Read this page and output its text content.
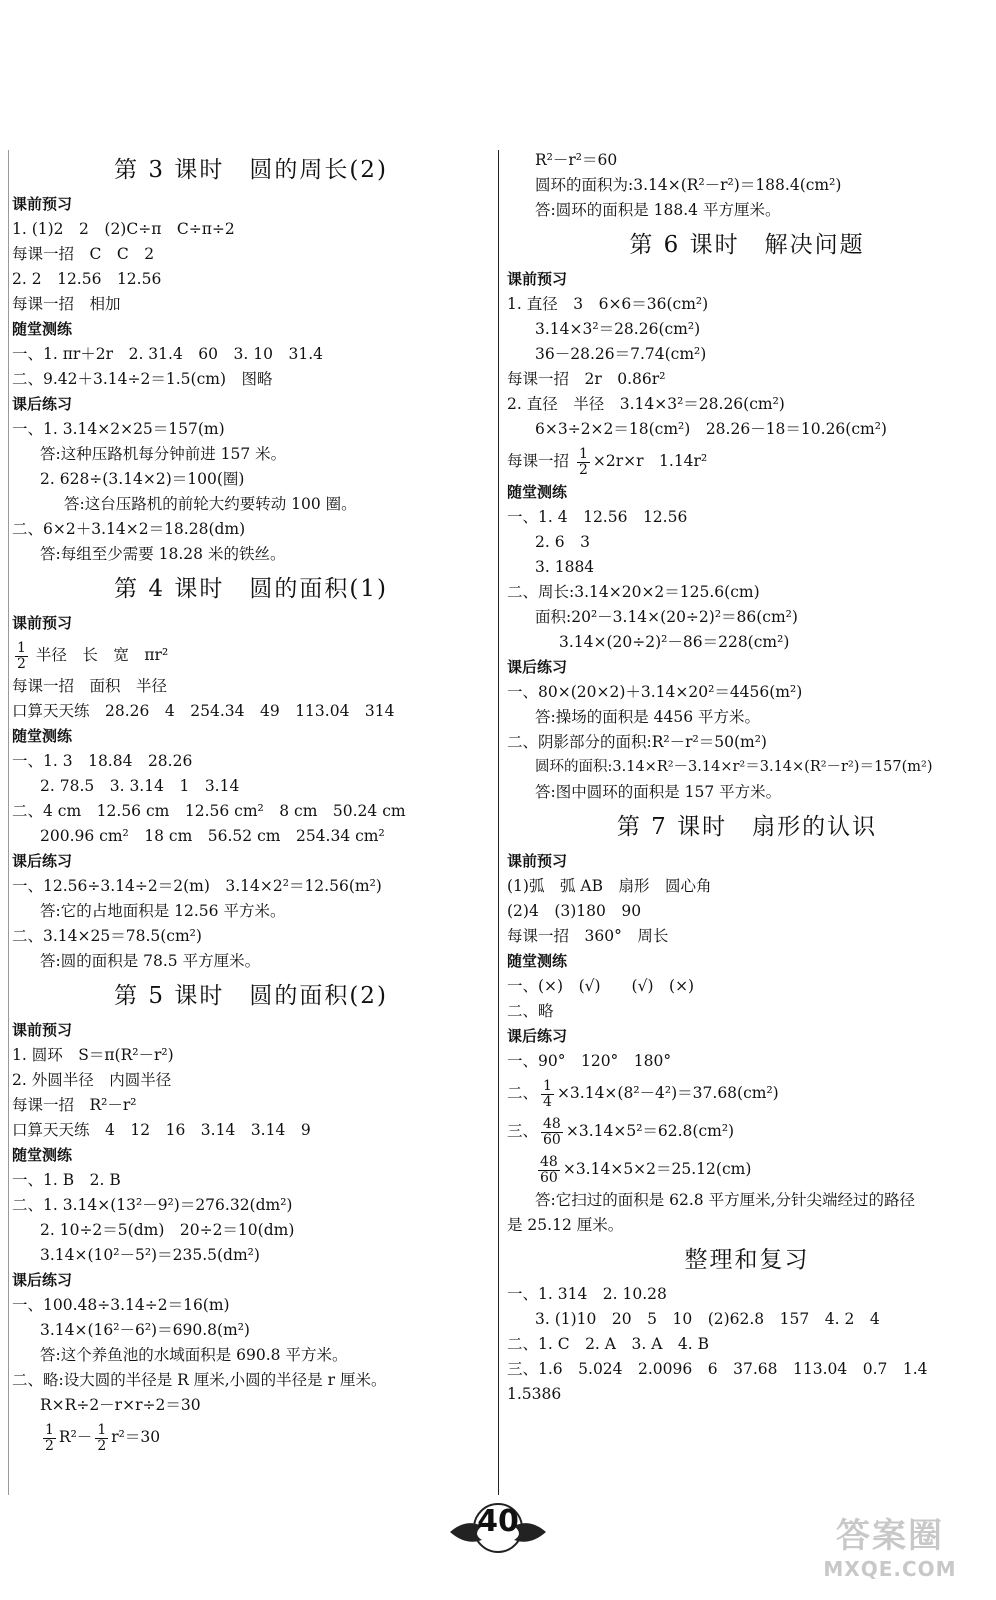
第 3 课时　圆的周长(2)
课前预习
1. (1)2　2　(2)C÷π　C÷π÷2
每课一招　C　C　2
2. 2　12.56　12.56
每课一招　相加
随堂测练
一、1. πr＋2r　2. 31.4　60　3. 10　31.4
二、9.42＋3.14÷2＝1.5(cm)　图略
课后练习
一、1. 3.14×2×25＝157(m)
答:这种压路机每分钟前进 157 米。
2. 628÷(3.14×2)＝100(圈)
答:这台压路机的前轮大约要转动 100 圈。
二、6×2＋3.14×2＝18.28(dm)
答:每组至少需要 18.28 米的铁丝。
第 4 课时　圆的面积(1)
课前预习
$\frac{1}{2}$ 半径　长　宽　πr²
每课一招　面积　半径
口算天天练　28.26　4　254.34　49　113.04　314
随堂测练
一、1. 3　18.84　28.26
2. 78.5　3. 3.14　1　3.14
二、4 cm　12.56 cm　12.56 cm²　8 cm　50.24 cm
200.96 cm²　18 cm　56.52 cm　254.34 cm²
课后练习
一、12.56÷3.14÷2＝2(m)　3.14×2²＝12.56(m²)
答:它的占地面积是 12.56 平方米。
二、3.14×25＝78.5(cm²)
答:圆的面积是 78.5 平方厘米。
第 5 课时　圆的面积(2)
课前预习
1. 圆环　S＝π(R²－r²)
2. 外圆半径　内圆半径
每课一招　R²－r²
口算天天练　4　12　16　3.14　3.14　9
随堂测练
一、1. B　2. B
二、1. 3.14×(13²－9²)＝276.32(dm²)
2. 10÷2＝5(dm)　20÷2＝10(dm)
3.14×(10²－5²)＝235.5(dm²)
课后练习
一、100.48÷3.14÷2＝16(m)
3.14×(16²－6²)＝690.8(m²)
答:这个养鱼池的水域面积是 690.8 平方米。
二、略:设大圆的半径是 R 厘米,小圆的半径是 r 厘米。
R×R÷2－r×r÷2＝30
$\frac{1}{2} R^2- \frac{1}{2} r^2=30$
R²－r²＝60
圆环的面积为:3.14×(R²－r²)＝188.4(cm²)
答:圆环的面积是 188.4 平方厘米。
第 6 课时　解决问题
课前预习
1. 直径　3　6×6＝36(cm²)
3.14×3²＝28.26(cm²)
36－28.26＝7.74(cm²)
每课一招　2r　0.86r²
2. 直径　半径　3.14×3²＝28.26(cm²)
6×3÷2×2＝18(cm²)　28.26－18＝10.26(cm²)
每课一招 $\frac{1}{2} \times 2r\times r$　1.14r²
随堂测练
一、1. 4　12.56　12.56
2. 6　3
3. 1884
二、周长:3.14×20×2＝125.6(cm)
面积:20²－3.14×(20÷2)²＝86(cm²)
3.14×(20÷2)²－86＝228(cm²)
课后练习
一、80×(20×2)＋3.14×20²＝4456(m²)
答:操场的面积是 4456 平方米。
二、阴影部分的面积:R²－r²＝50(m²)
圆环的面积:3.14×R²－3.14×r²＝3.14×(R²－r²)＝157(m²)
答:图中圆环的面积是 157 平方米。
第 7 课时　扇形的认识
课前预习
(1)弧　弧 AB　扇形　圆心角
(2)4　(3)180　90
每课一招　360°　周长
随堂测练
一、(×)　(√)　　(√)　(×)
二、略
课后练习
一、90°　120°　180°
二、 $\frac{1}{4} \times 3.14\times(8^2-4^2)=37.68(cm^2)$
三、 $\frac{48}{60} \times 3.14\times 5^2=62.8(cm^2)$
$\frac{48}{60} \times 3.14\times 5\times 2=25.12(cm)$
答:它扫过的面积是 62.8 平方厘米,分针尖端经过的路径
是 25.12 厘米。
整理和复习
一、1. 314　2. 10.28
3. (1)10　20　5　10　(2)62.8　157　4. 2　4
二、1. C　2. A　3. A　4. B
三、1.6　5.024　2.0096　6　37.68　113.04　0.7　1.4
1.5386
40	答案圈
MXQE.COM
